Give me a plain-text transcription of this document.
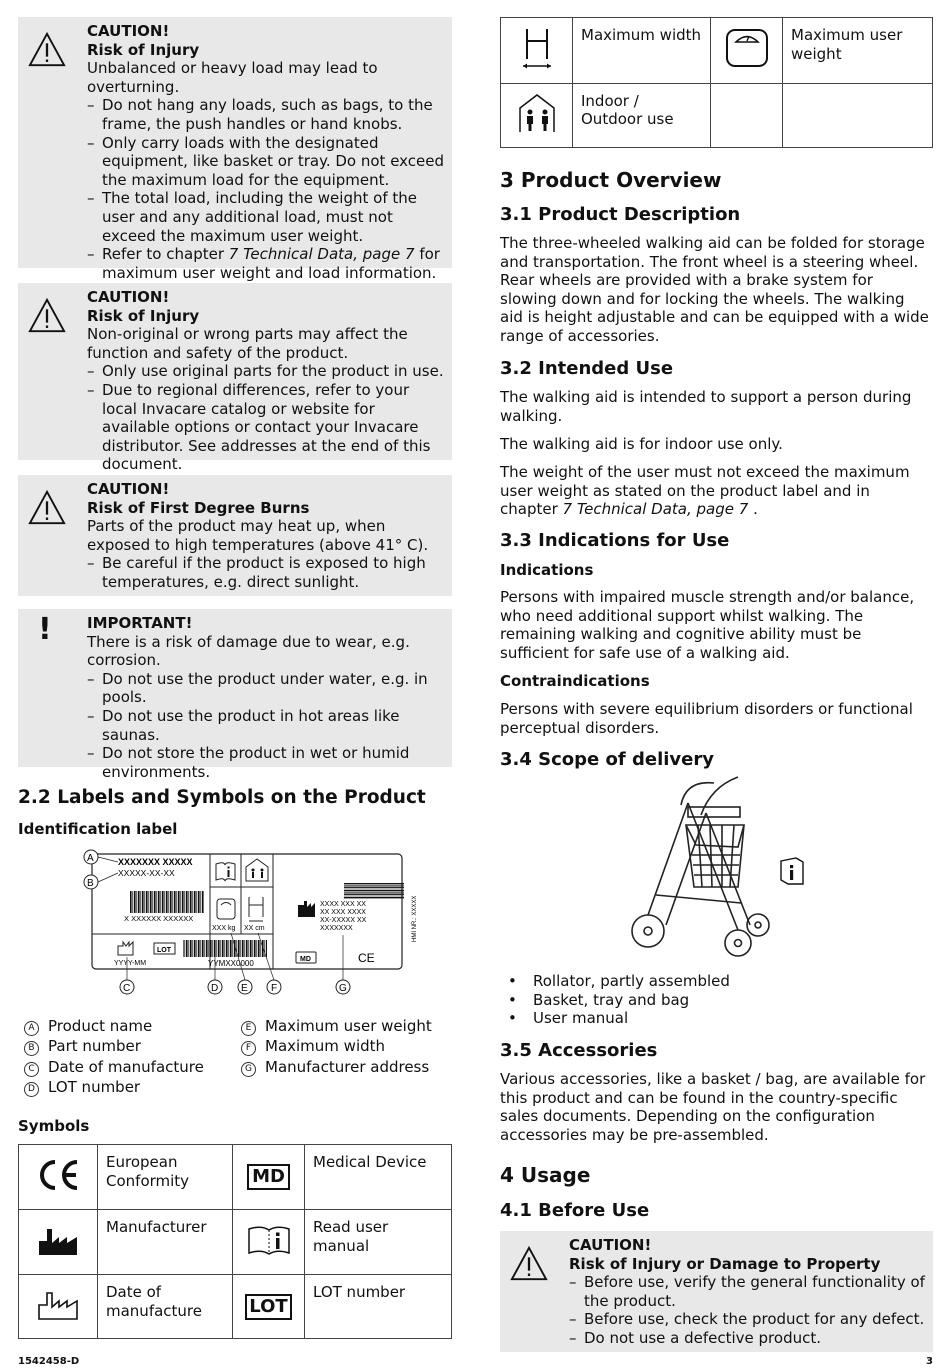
CAUTION!
Risk of Injury
Unbalanced or heavy load may lead to overturning.
– Do not hang any loads, such as bags, to the frame, the push handles or hand knobs.
– Only carry loads with the designated equipment, like basket or tray. Do not exceed the maximum load for the equipment.
– The total load, including the weight of the user and any additional load, must not exceed the maximum user weight.
– Refer to chapter 7 Technical Data, page 7 for maximum user weight and load information.
CAUTION!
Risk of Injury
Non-original or wrong parts may affect the function and safety of the product.
– Only use original parts for the product in use.
– Due to regional differences, refer to your local Invacare catalog or website for available options or contact your Invacare distributor. See addresses at the end of this document.
CAUTION!
Risk of First Degree Burns
Parts of the product may heat up, when exposed to high temperatures (above 41° C).
– Be careful if the product is exposed to high temperatures, e.g. direct sunlight.
! IMPORTANT!
There is a risk of damage due to wear, e.g. corrosion.
– Do not use the product under water, e.g. in pools.
– Do not use the product in hot areas like saunas.
– Do not store the product in wet or humid environments.
2.2 Labels and Symbols on the Product
Identification label
XXXXXXX XXXXX
XXXXX-XX-XX
X XXXXXX XXXXXX
XXX kg XX cm
XXXX XXX XX
XX XXX XXXX
XX-XXXXX XX
XXXXXXX	HMI NR.: XXXXX
YYYY-MM
LOT
YYMXX0000	MD	CE
A
B
C	D E F	G
A Product name
B Part number
C Date of manufacture
D LOT number
E Maximum user weight
F Maximum width
G Manufacturer address
Symbols
	European Conformity	MD	Medical Device
	Manufacturer		Read user manual
	Date of manufacture	LOT	LOT number
1542458-D
	Maximum width		Maximum user weight
	Indoor / Outdoor use		
3 Product Overview
3.1 Product Description

The three-wheeled walking aid can be folded for storage and transportation. The front wheel is a steering wheel. Rear wheels are provided with a brake system for slowing down and for locking the wheels. The walking aid is height adjustable and can be equipped with a wide range of accessories.

3.2 Intended Use

The walking aid is intended to support a person during walking.

The walking aid is for indoor use only.

The weight of the user must not exceed the maximum user weight as stated on the product label and in chapter 7 Technical Data, page 7 .

3.3 Indications for Use
Indications

Persons with impaired muscle strength and/or balance, who need additional support whilst walking. The remaining walking and cognitive ability must be sufficient for safe use of a walking aid.

Contraindications

Persons with severe equilibrium disorders or functional perceptual disorders.

3.4 Scope of delivery
• Rollator, partly assembled
• Basket, tray and bag
• User manual
3.5 Accessories

Various accessories, like a basket / bag, are available for this product and can be found in the country-specific sales documents. Depending on the configuration accessories may be pre-assembled.

4 Usage
4.1 Before Use
CAUTION!
Risk of Injury or Damage to Property
– Before use, verify the general functionality of the product.
– Before use, check the product for any defect.
– Do not use a defective product.
3
